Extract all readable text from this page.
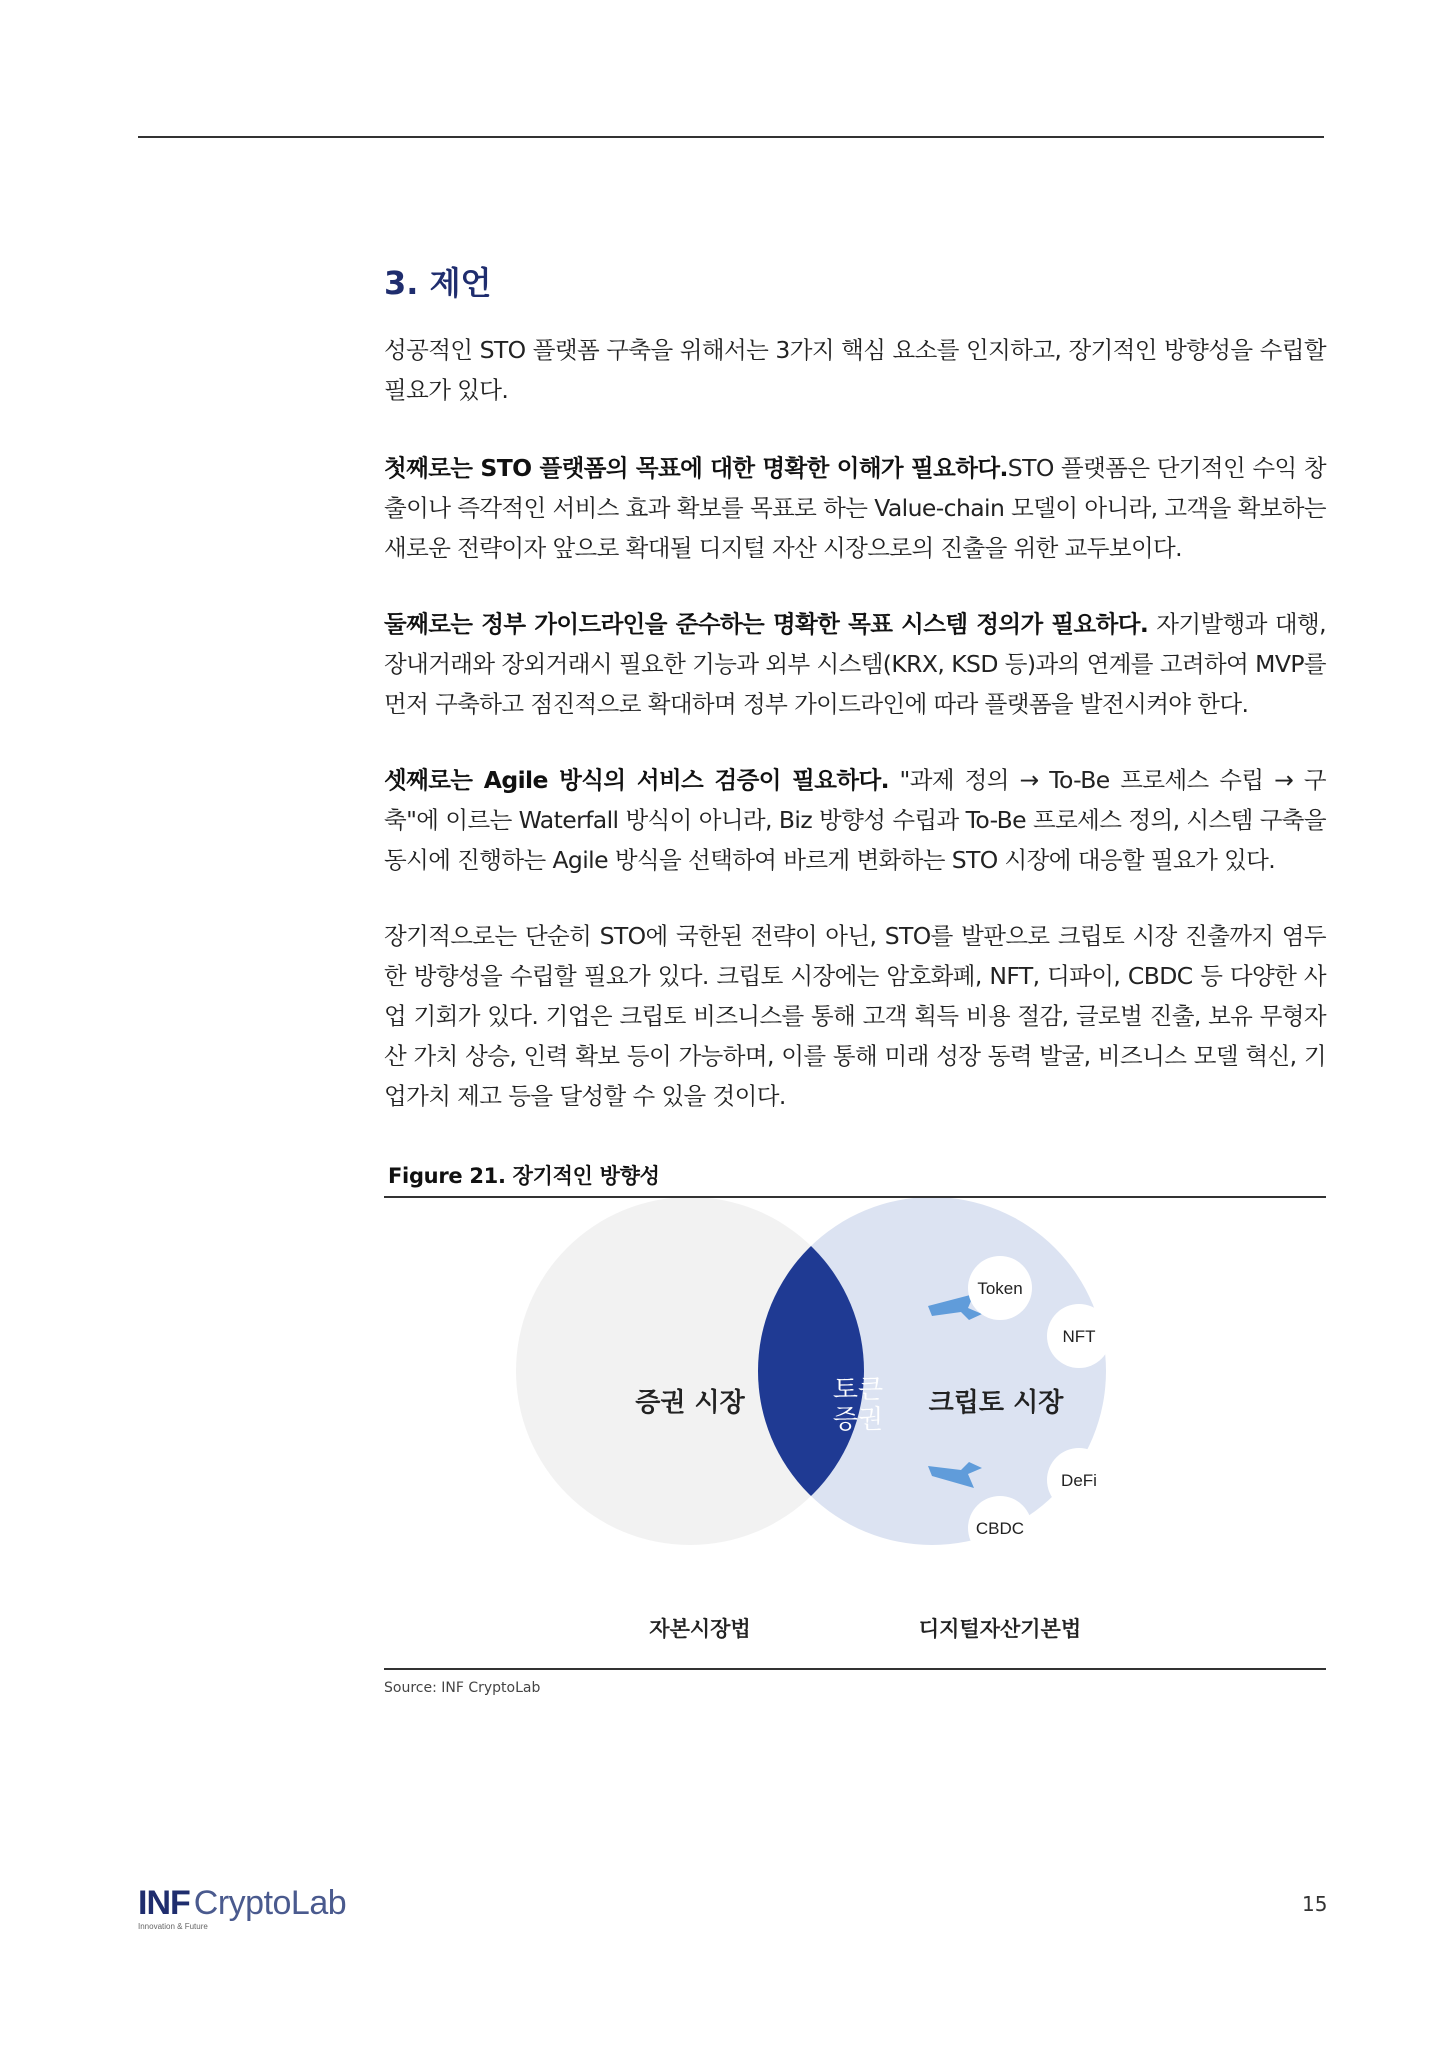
3. 제언

성공적인 STO 플랫폼 구축을 위해서는 3가지 핵심 요소를 인지하고, 장기적인 방향성을 수립할 필요가 있다.

첫째로는 STO 플랫폼의 목표에 대한 명확한 이해가 필요하다.STO 플랫폼은 단기적인 수익 창출이나 즉각적인 서비스 효과 확보를 목표로 하는 Value-chain 모델이 아니라, 고객을 확보하는 새로운 전략이자 앞으로 확대될 디지털 자산 시장으로의 진출을 위한 교두보이다.

둘째로는 정부 가이드라인을 준수하는 명확한 목표 시스템 정의가 필요하다. 자기발행과 대행, 장내거래와 장외거래시 필요한 기능과 외부 시스템(KRX, KSD 등)과의 연계를 고려하여 MVP를 먼저 구축하고 점진적으로 확대하며 정부 가이드라인에 따라 플랫폼을 발전시켜야 한다.

셋째로는 Agile 방식의 서비스 검증이 필요하다. "과제 정의 → To-Be 프로세스 수립 → 구축"에 이르는 Waterfall 방식이 아니라, Biz 방향성 수립과 To-Be 프로세스 정의, 시스템 구축을 동시에 진행하는 Agile 방식을 선택하여 바르게 변화하는 STO 시장에 대응할 필요가 있다.

장기적으로는 단순히 STO에 국한된 전략이 아닌, STO를 발판으로 크립토 시장 진출까지 염두한 방향성을 수립할 필요가 있다. 크립토 시장에는 암호화폐, NFT, 디파이, CBDC 등 다양한 사업 기회가 있다. 기업은 크립토 비즈니스를 통해 고객 획득 비용 절감, 글로벌 진출, 보유 무형자산 가치 상승, 인력 확보 등이 가능하며, 이를 통해 미래 성장 동력 발굴, 비즈니스 모델 혁신, 기업가치 제고 등을 달성할 수 있을 것이다.

Figure 21. 장기적인 방향성
증권 시장	크립토 시장
토큰
증권
Token
NFT
DeFi
CBDC
자본시장법	디지털자산기본법
Source: INF CryptoLab
INF CryptoLab
Innovation & Future
15
